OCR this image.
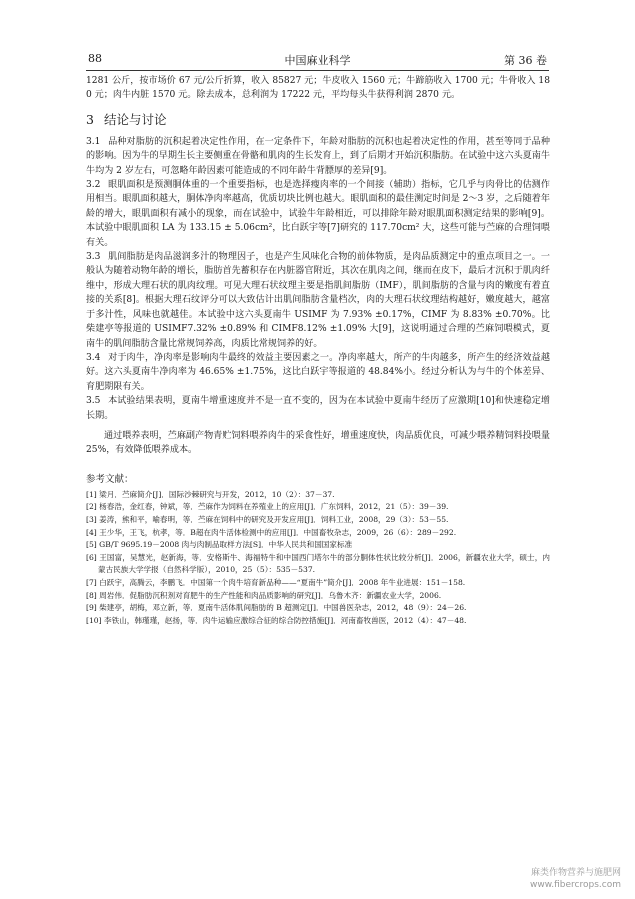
88	中国麻业科学	第 36 卷

1281 公斤，按市场价 67 元/公斤折算，收入 85827 元；牛皮收入 1560 元；牛蹄筋收入 1700 元；牛骨收入 180 元；肉牛内脏 1570 元。除去成本，总利润为 17222 元，平均每头牛获得利润 2870 元。

3 结论与讨论

3.1 品种对脂肪的沉积起着决定性作用，在一定条件下，年龄对脂肪的沉积也起着决定性的作用，甚至等同于品种的影响。因为牛的早期生长主要侧重在骨骼和肌肉的生长发育上，到了后期才开始沉积脂肪。在试验中这六头夏南牛牛均为 2 岁左右，可忽略年龄因素可能造成的不同年龄牛背膘厚的差异[9]。

3.2 眼肌面积是预测胴体重的一个重要指标，也是选择瘦肉率的一个间接（辅助）指标，它几乎与肉骨比的估测作用相当。眼肌面积越大，胴体净肉率越高，优质切块比例也越大。眼肌面积的最佳测定时间是 2～3 岁，之后随着年龄的增大，眼肌面积有减小的现象，而在试验中，试验牛年龄相近，可以排除年龄对眼肌面积测定结果的影响[9]。本试验中眼肌面积 LA 为 133.15 ± 5.06cm²，比白跃宇等[7]研究的 117.70cm² 大，这些可能与苎麻的合理饲喂有关。

3.3 肌间脂肪是肉品滋润多汁的物理因子，也是产生风味化合物的前体物质，是肉品质测定中的重点项目之一。一般认为随着动物年龄的增长，脂肪首先蓄积存在内脏器官附近，其次在肌肉之间，继而在皮下，最后才沉积于肌肉纤维中，形成大理石状的肌肉纹理。可见大理石状纹理主要是指肌间脂肪（IMF），肌间脂肪的含量与肉的嫩度有着直接的关系[8]。根据大理石纹评分可以大致估计出肌间脂肪含量档次，肉的大理石状纹理结构越好，嫩度越大，越富于多汁性，风味也就越佳。本试验中这六头夏南牛 USIMF 为 7.93% ±0.17%，CIMF 为 8.83% ±0.70%。比柴建亭等报道的 USIMF7.32% ±0.89% 和 CIMF8.12% ±1.09% 大[9]，这说明通过合理的苎麻饲喂模式，夏南牛的肌间脂肪含量比常规饲养高，肉质比常规饲养的好。

3.4 对于肉牛，净肉率是影响肉牛最终的效益主要因素之一。净肉率越大，所产的牛肉越多，所产生的经济效益越好。这六头夏南牛净肉率为 46.65% ±1.75%，这比白跃宇等报道的 48.84%小。经过分析认为与牛的个体差异、育肥期限有关。

3.5 本试验结果表明，夏南牛增重速度并不是一直不变的，因为在本试验中夏南牛经历了应激期[10]和快速稳定增长期。

通过喂养表明，苎麻副产物青贮饲料喂养肉牛的采食性好，增重速度快，肉品质优良，可减少喂养精饲料投喂量 25%，有效降低喂养成本。

参考文献：
[1] 梁月．苎麻简介[J]．国际沙棘研究与开发，2012，10（2）：37－37.
[2] 杨春浩，金红春，钟斌，等．苎麻作为饲料在养殖业上的应用[J]．广东饲料，2012，21（5）：39－39.
[3] 姜涛，熊和平，喻春明，等．苎麻在饲料中的研究及开发应用[J]．饲料工业，2008，29（3）：53－55.
[4] 王少华，王飞，杭孝，等．B超在肉牛活体检测中的应用[J]．中国畜牧杂志，2009，26（6）：289－292.
[5] GB/T 9695.19－2008 肉与肉制品取样方法[S]．中华人民共和国国家标准
[6] 王国富，吴慧光，赵新海，等．安格斯牛、海福特牛和中国西门塔尔牛的部分胴体性状比较分析[J]．2006，新疆农业大学，硕士，内蒙古民族大学学报（自然科学版），2010，25（5）：535－537.
[7] 白跃宇，高腾云，李鹏飞．中国第一个肉牛培育新品种——“夏南牛”简介[J]．2008 年牛业进展：151－158.
[8] 周岩伟．促脂肪沉积剂对育肥牛的生产性能和肉品质影响的研究[J]．乌鲁木齐：新疆农业大学，2006.
[9] 柴建亭，胡梅，邓立新，等．夏南牛活体肌间脂肪的 B 超测定[J]．中国兽医杂志，2012，48（9）：24－26.
[10] 李铁山，韩瑾瑾，赵扬，等．肉牛运输应激综合征的综合防控措施[J]．河南畜牧兽医，2012（4）：47－48.
麻类作物营养与施肥网
www.fibercrops.com
